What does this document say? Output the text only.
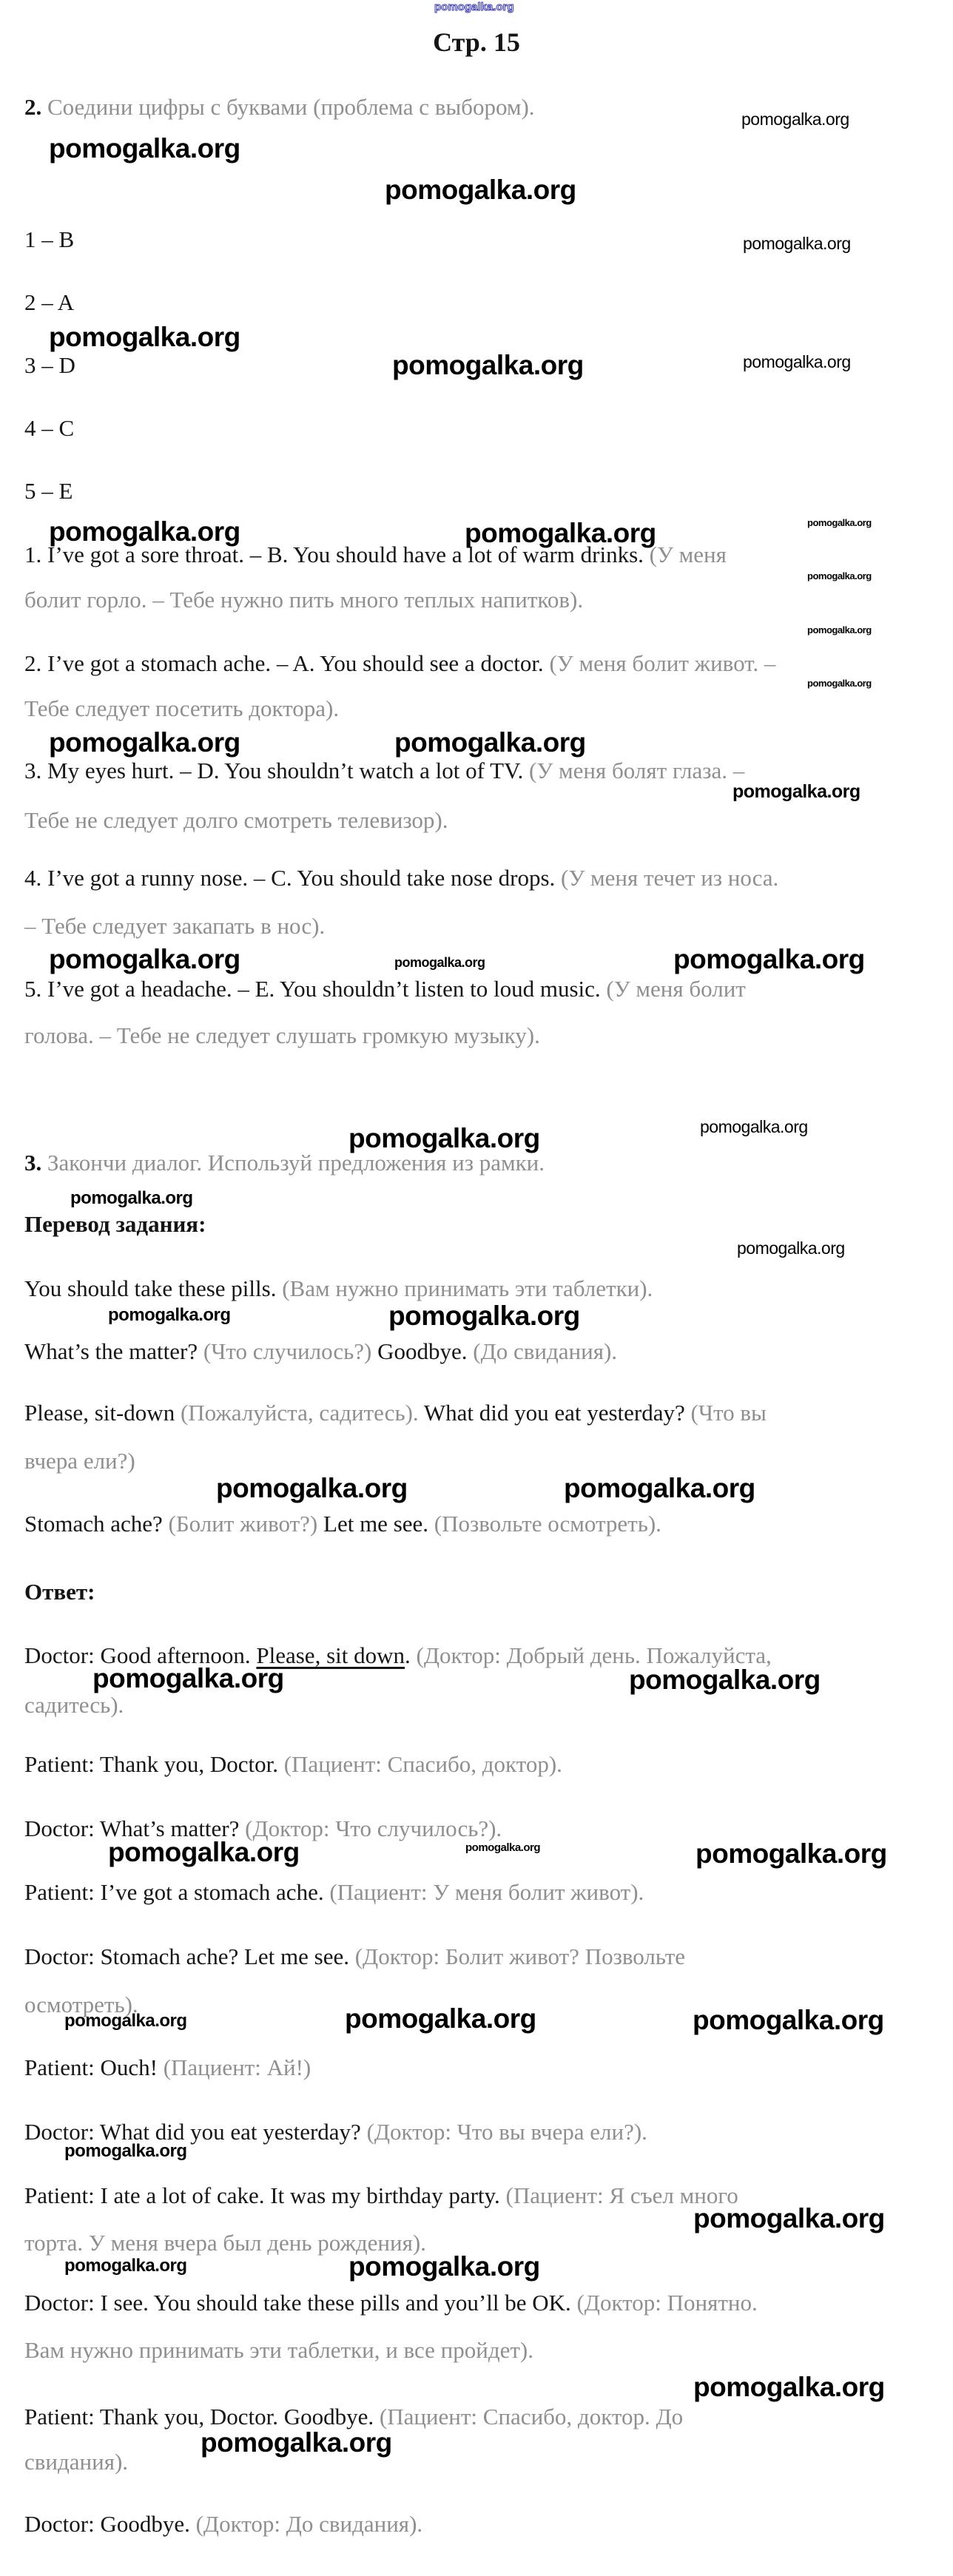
Стр. 15
2. Соедини цифры с буквами (проблема с выбором).
1 – B
2 – A
3 – D
4 – C
5 – E
1. I’ve got a sore throat. – B. You should have a lot of warm drinks. (У меня
болит горло. – Тебе нужно пить много теплых напитков).
2. I’ve got a stomach ache. – A. You should see a doctor. (У меня болит живот. –
Тебе следует посетить доктора).
3. My eyes hurt. – D. You shouldn’t watch a lot of TV. (У меня болят глаза. –
Тебе не следует долго смотреть телевизор).
4. I’ve got a runny nose. – C. You should take nose drops. (У меня течет из носа.
– Тебе следует закапать в нос).
5. I’ve got a headache. – E. You shouldn’t listen to loud music. (У меня болит
голова. – Тебе не следует слушать громкую музыку).
3. Закончи диалог. Используй предложения из рамки.
Перевод задания:
You should take these pills. (Вам нужно принимать эти таблетки).
What’s the matter? (Что случилось?) Goodbye. (До свидания).
Please, sit-down (Пожалуйста, садитесь). What did you eat yesterday? (Что вы
вчера ели?)
Stomach ache? (Болит живот?) Let me see. (Позвольте осмотреть).
Ответ:
Doctor: Good afternoon. Please, sit down. (Доктор: Добрый день. Пожалуйста,
садитесь).
Patient: Thank you, Doctor. (Пациент: Спасибо, доктор).
Doctor: What’s matter? (Доктор: Что случилось?).
Patient: I’ve got a stomach ache. (Пациент: У меня болит живот).
Doctor: Stomach ache? Let me see. (Доктор: Болит живот? Позвольте
осмотреть).
Patient: Ouch! (Пациент: Ай!)
Doctor: What did you eat yesterday? (Доктор: Что вы вчера ели?).
Patient: I ate a lot of cake. It was my birthday party. (Пациент: Я съел много
торта. У меня вчера был день рождения).
Doctor: I see. You should take these pills and you’ll be OK. (Доктор: Понятно.
Вам нужно принимать эти таблетки, и все пройдет).
Patient: Thank you, Doctor. Goodbye. (Пациент: Спасибо, доктор. До
свидания).
Doctor: Goodbye. (Доктор: До свидания).
pomogalka.org
pomogalka.org
pomogalka.org
pomogalka.org
pomogalka.org
pomogalka.org
pomogalka.org	pomogalka.org
pomogalka.org	pomogalka.org	pomogalka.org
pomogalka.org
pomogalka.org
pomogalka.org
pomogalka.org	pomogalka.org
pomogalka.org
pomogalka.org	pomogalka.org	pomogalka.org
pomogalka.org	pomogalka.org
pomogalka.org
pomogalka.org
pomogalka.org	pomogalka.org
pomogalka.org	pomogalka.org
pomogalka.org	pomogalka.org
pomogalka.org	pomogalka.org	pomogalka.org
pomogalka.org	pomogalka.org	pomogalka.org
pomogalka.org
pomogalka.org
pomogalka.org	pomogalka.org
pomogalka.org
pomogalka.org
